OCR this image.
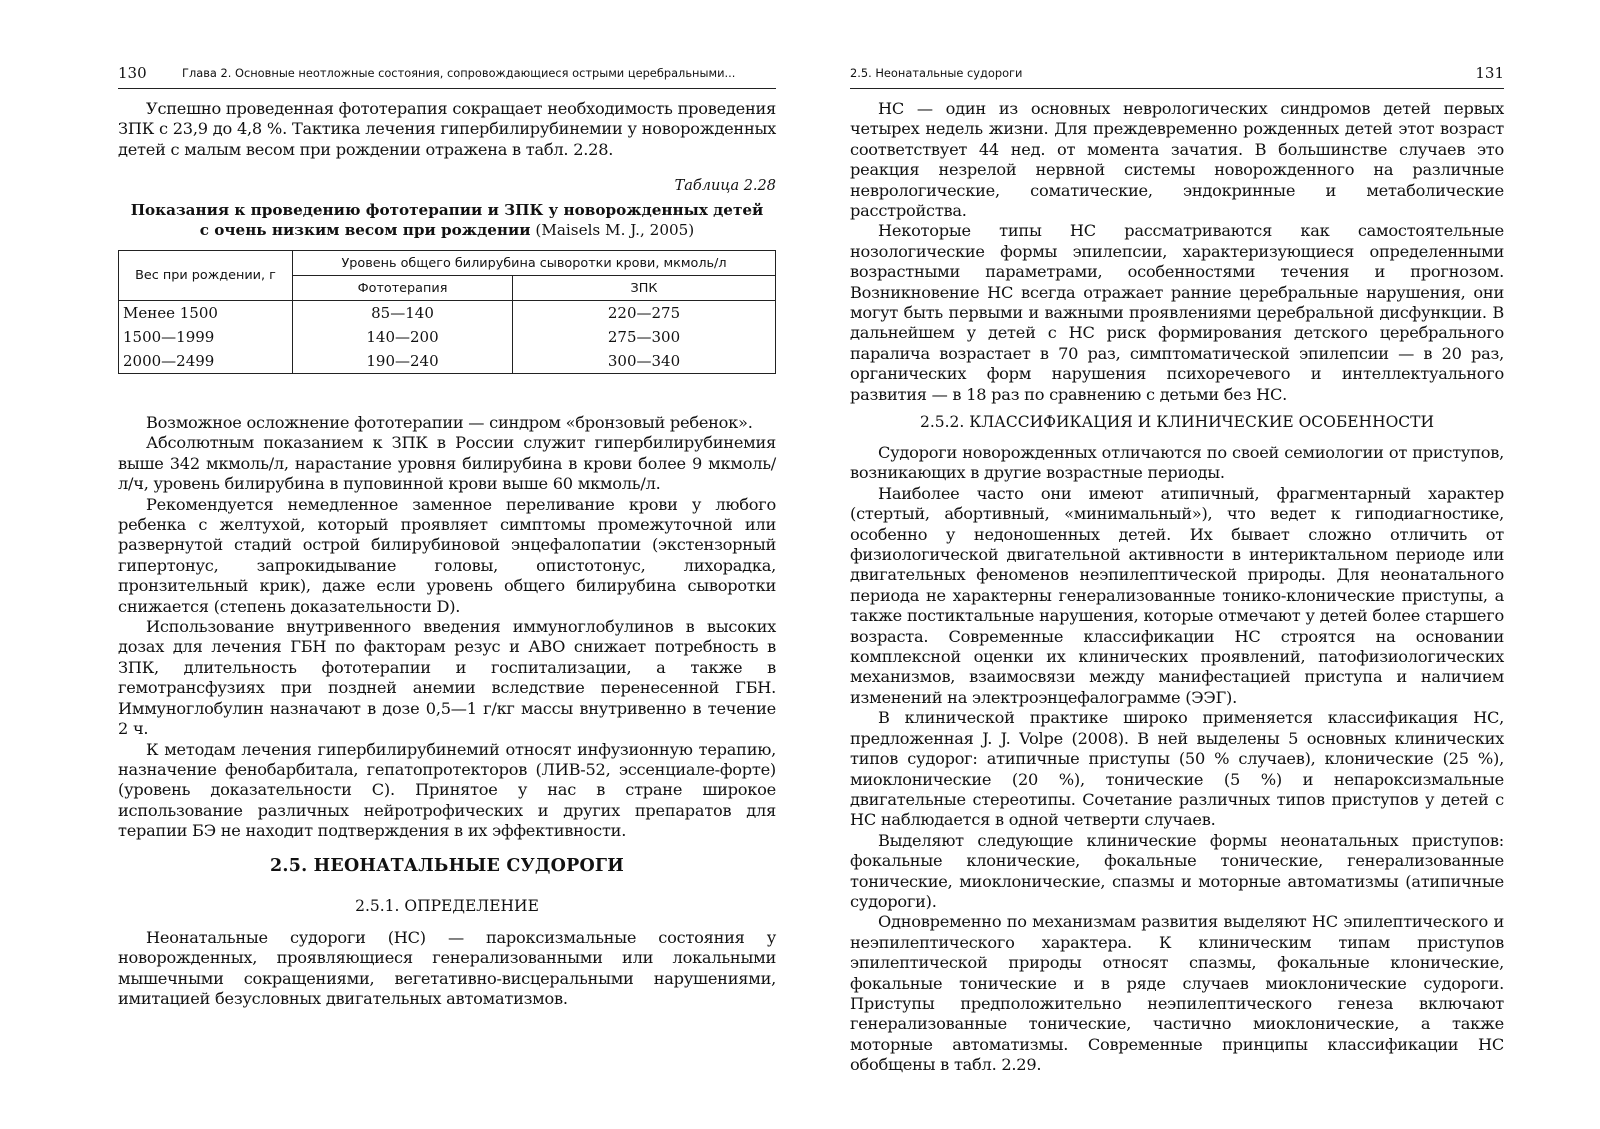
130	Глава 2. Основные неотложные состояния, сопровождающиеся острыми церебральными...

Успешно проведенная фототерапия сокращает необходимость проведения ЗПК с 23,9 до 4,8 %. Тактика лечения гипербилирубинемии у новорожденных детей с малым весом при рождении отражена в табл. 2.28.

Таблица 2.28
Показания к проведению фототерапии и ЗПК у новорожденных детей
с очень низким весом при рождении (Maisels M. J., 2005)
Вес при рождении, г	Уровень общего билирубина сыворотки крови, мкмоль/л	
	Фототерапия	ЗПК
Менее 1500	85—140	220—275
1500—1999	140—200	275—300
2000—2499	190—240	300—340

Возможное осложнение фототерапии — синдром «бронзовый ребенок».

Абсолютным показанием к ЗПК в России служит гипербилирубинемия выше 342 мкмоль/л, нарастание уровня билирубина в крови более 9 мкмоль/л/ч, уровень билирубина в пуповинной крови выше 60 мкмоль/л.

Рекомендуется немедленное заменное переливание крови у любого ребенка с желтухой, который проявляет симптомы промежуточной или развернутой стадий острой билирубиновой энцефалопатии (экстензорный гипертонус, запрокидывание головы, опистотонус, лихорадка, пронзительный крик), даже если уровень общего билирубина сыворотки снижается (степень доказательности D).

Использование внутривенного введения иммуноглобулинов в высоких дозах для лечения ГБН по факторам резус и АВО снижает потребность в ЗПК, длительность фототерапии и госпитализации, а также в гемотрансфузиях при поздней анемии вследствие перенесенной ГБН. Иммуноглобулин назначают в дозе 0,5—1 г/кг массы внутривенно в течение 2 ч.

К методам лечения гипербилирубинемий относят инфузионную терапию, назначение фенобарбитала, гепатопротекторов (ЛИВ-52, эссенциале-форте) (уровень доказательности С). Принятое у нас в стране широкое использование различных нейротрофических и других препаратов для терапии БЭ не находит подтверждения в их эффективности.

2.5. НЕОНАТАЛЬНЫЕ СУДОРОГИ
2.5.1. ОПРЕДЕЛЕНИЕ

Неонатальные судороги (НС) — пароксизмальные состояния у новорожденных, проявляющиеся генерализованными или локальными мышечными сокращениями, вегетативно-висцеральными нарушениями, имитацией безусловных двигательных автоматизмов.

2.5. Неонатальные судороги	131

НС — один из основных неврологических синдромов детей первых четырех недель жизни. Для преждевременно рожденных детей этот возраст соответствует 44 нед. от момента зачатия. В большинстве случаев это реакция незрелой нервной системы новорожденного на различные неврологические, соматические, эндокринные и метаболические расстройства.

Некоторые типы НС рассматриваются как самостоятельные нозологические формы эпилепсии, характеризующиеся определенными возрастными параметрами, особенностями течения и прогнозом. Возникновение НС всегда отражает ранние церебральные нарушения, они могут быть первыми и важными проявлениями церебральной дисфункции. В дальнейшем у детей с НС риск формирования детского церебрального паралича возрастает в 70 раз, симптоматической эпилепсии — в 20 раз, органических форм нарушения психоречевого и интеллектуального развития — в 18 раз по сравнению с детьми без НС.

2.5.2. КЛАССИФИКАЦИЯ И КЛИНИЧЕСКИЕ ОСОБЕННОСТИ

Судороги новорожденных отличаются по своей семиологии от приступов, возникающих в другие возрастные периоды.

Наиболее часто они имеют атипичный, фрагментарный характер (стертый, абортивный, «минимальный»), что ведет к гиподиагностике, особенно у недоношенных детей. Их бывает сложно отличить от физиологической двигательной активности в интериктальном периоде или двигательных феноменов неэпилептической природы. Для неонатального периода не характерны генерализованные тонико-клонические приступы, а также постиктальные нарушения, которые отмечают у детей более старшего возраста. Современные классификации НС строятся на основании комплексной оценки их клинических проявлений, патофизиологических механизмов, взаимосвязи между манифестацией приступа и наличием изменений на электроэнцефалограмме (ЭЭГ).

В клинической практике широко применяется классификация НС, предложенная J. J. Volpe (2008). В ней выделены 5 основных клинических типов судорог: атипичные приступы (50 % случаев), клонические (25 %), миоклонические (20 %), тонические (5 %) и непароксизмальные двигательные стереотипы. Сочетание различных типов приступов у детей с НС наблюдается в одной четверти случаев.

Выделяют следующие клинические формы неонатальных приступов: фокальные клонические, фокальные тонические, генерализованные тонические, миоклонические, спазмы и моторные автоматизмы (атипичные судороги).

Одновременно по механизмам развития выделяют НС эпилептического и неэпилептического характера. К клиническим типам приступов эпилептической природы относят спазмы, фокальные клонические, фокальные тонические и в ряде случаев миоклонические судороги. Приступы предположительно неэпилептического генеза включают генерализованные тонические, частично миоклонические, а также моторные автоматизмы. Современные принципы классификации НС обобщены в табл. 2.29.
